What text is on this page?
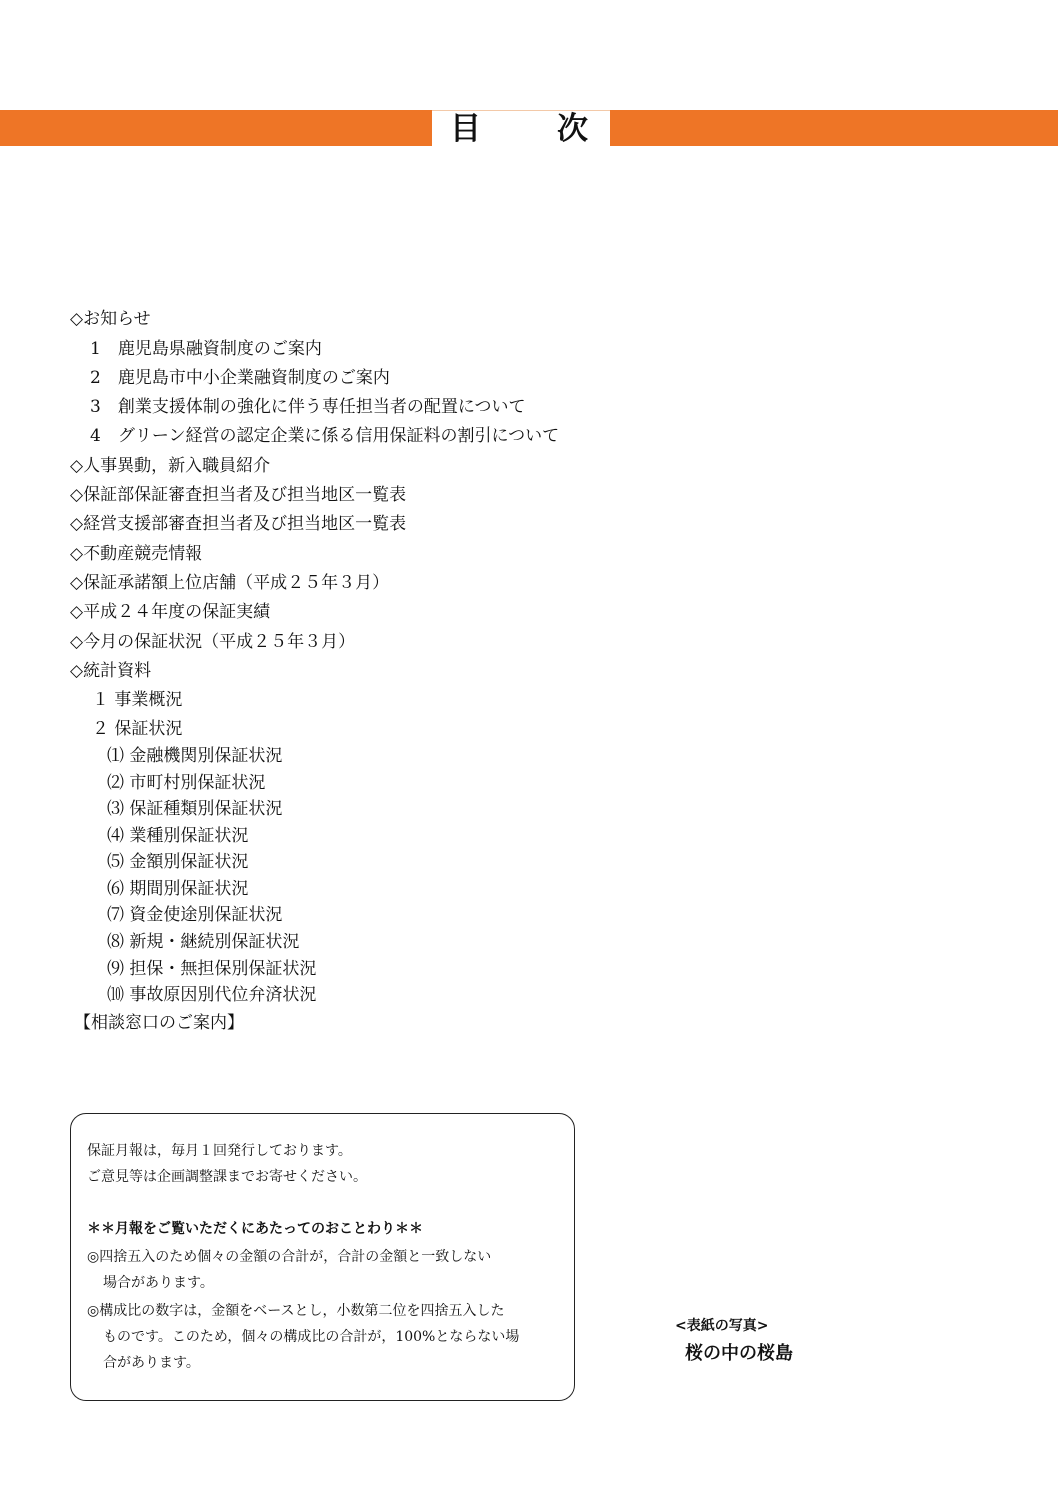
目 次
◇お知らせ
1　鹿児島県融資制度のご案内
2　鹿児島市中小企業融資制度のご案内
3　創業支援体制の強化に伴う専任担当者の配置について
4　グリーン経営の認定企業に係る信用保証料の割引について
◇人事異動，新入職員紹介
◇保証部保証審査担当者及び担当地区一覧表
◇経営支援部審査担当者及び担当地区一覧表
◇不動産競売情報
◇保証承諾額上位店舗（平成２５年３月）
◇平成２４年度の保証実績
◇今月の保証状況（平成２５年３月）
◇統計資料
１ 事業概況
２ 保証状況
⑴ 金融機関別保証状況
⑵ 市町村別保証状況
⑶ 保証種類別保証状況
⑷ 業種別保証状況
⑸ 金額別保証状況
⑹ 期間別保証状況
⑺ 資金使途別保証状況
⑻ 新規・継続別保証状況
⑼ 担保・無担保別保証状況
⑽ 事故原因別代位弁済状況
【相談窓口のご案内】
保証月報は，毎月１回発行しております。
ご意見等は企画調整課までお寄せください。
＊＊月報をご覧いただくにあたってのおことわり＊＊
◎四捨五入のため個々の金額の合計が，合計の金額と一致しない
場合があります。
◎構成比の数字は，金額をベースとし，小数第二位を四捨五入した
ものです。このため，個々の構成比の合計が，100%とならない場
合があります。
<表紙の写真>
桜の中の桜島
